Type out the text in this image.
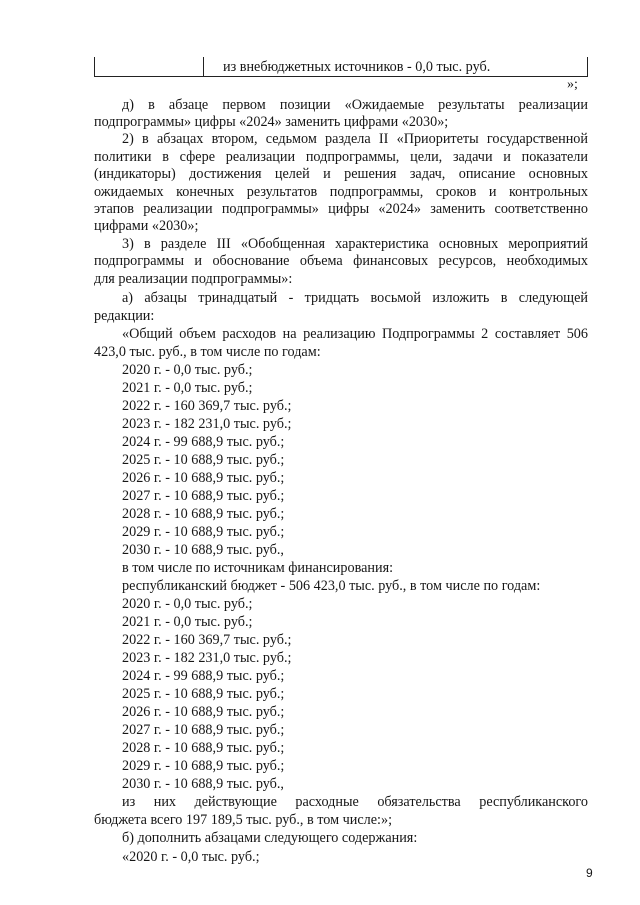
из внебюджетных источников - 0,0 тыс. руб.
»;
д) в абзаце первом позиции «Ожидаемые результаты реализации
подпрограммы» цифры «2024» заменить цифрами «2030»;
2) в абзацах втором, седьмом раздела II «Приоритеты государственной
политики в сфере реализации подпрограммы, цели, задачи и показатели
(индикаторы) достижения целей и решения задач, описание основных
ожидаемых конечных результатов подпрограммы, сроков и контрольных
этапов реализации подпрограммы» цифры «2024» заменить соответственно
цифрами «2030»;
3) в разделе III «Обобщенная характеристика основных мероприятий
подпрограммы и обоснование объема финансовых ресурсов, необходимых
для реализации подпрограммы»:
а) абзацы тринадцатый - тридцать восьмой изложить в следующей
редакции:
«Общий объем расходов на реализацию Подпрограммы 2 составляет 506
423,0 тыс. руб., в том числе по годам:
2020 г. - 0,0 тыс. руб.;
2021 г. - 0,0 тыс. руб.;
2022 г. - 160 369,7 тыс. руб.;
2023 г. - 182 231,0 тыс. руб.;
2024 г. - 99 688,9 тыс. руб.;
2025 г. - 10 688,9 тыс. руб.;
2026 г. - 10 688,9 тыс. руб.;
2027 г. - 10 688,9 тыс. руб.;
2028 г. - 10 688,9 тыс. руб.;
2029 г. - 10 688,9 тыс. руб.;
2030 г. - 10 688,9 тыс. руб.,
в том числе по источникам финансирования:
республиканский бюджет - 506 423,0 тыс. руб., в том числе по годам:
2020 г. - 0,0 тыс. руб.;
2021 г. - 0,0 тыс. руб.;
2022 г. - 160 369,7 тыс. руб.;
2023 г. - 182 231,0 тыс. руб.;
2024 г. - 99 688,9 тыс. руб.;
2025 г. - 10 688,9 тыс. руб.;
2026 г. - 10 688,9 тыс. руб.;
2027 г. - 10 688,9 тыс. руб.;
2028 г. - 10 688,9 тыс. руб.;
2029 г. - 10 688,9 тыс. руб.;
2030 г. - 10 688,9 тыс. руб.,
из них действующие расходные обязательства республиканского
бюджета всего 197 189,5 тыс. руб., в том числе:»;
б) дополнить абзацами следующего содержания:
«2020 г. - 0,0 тыс. руб.;
9
